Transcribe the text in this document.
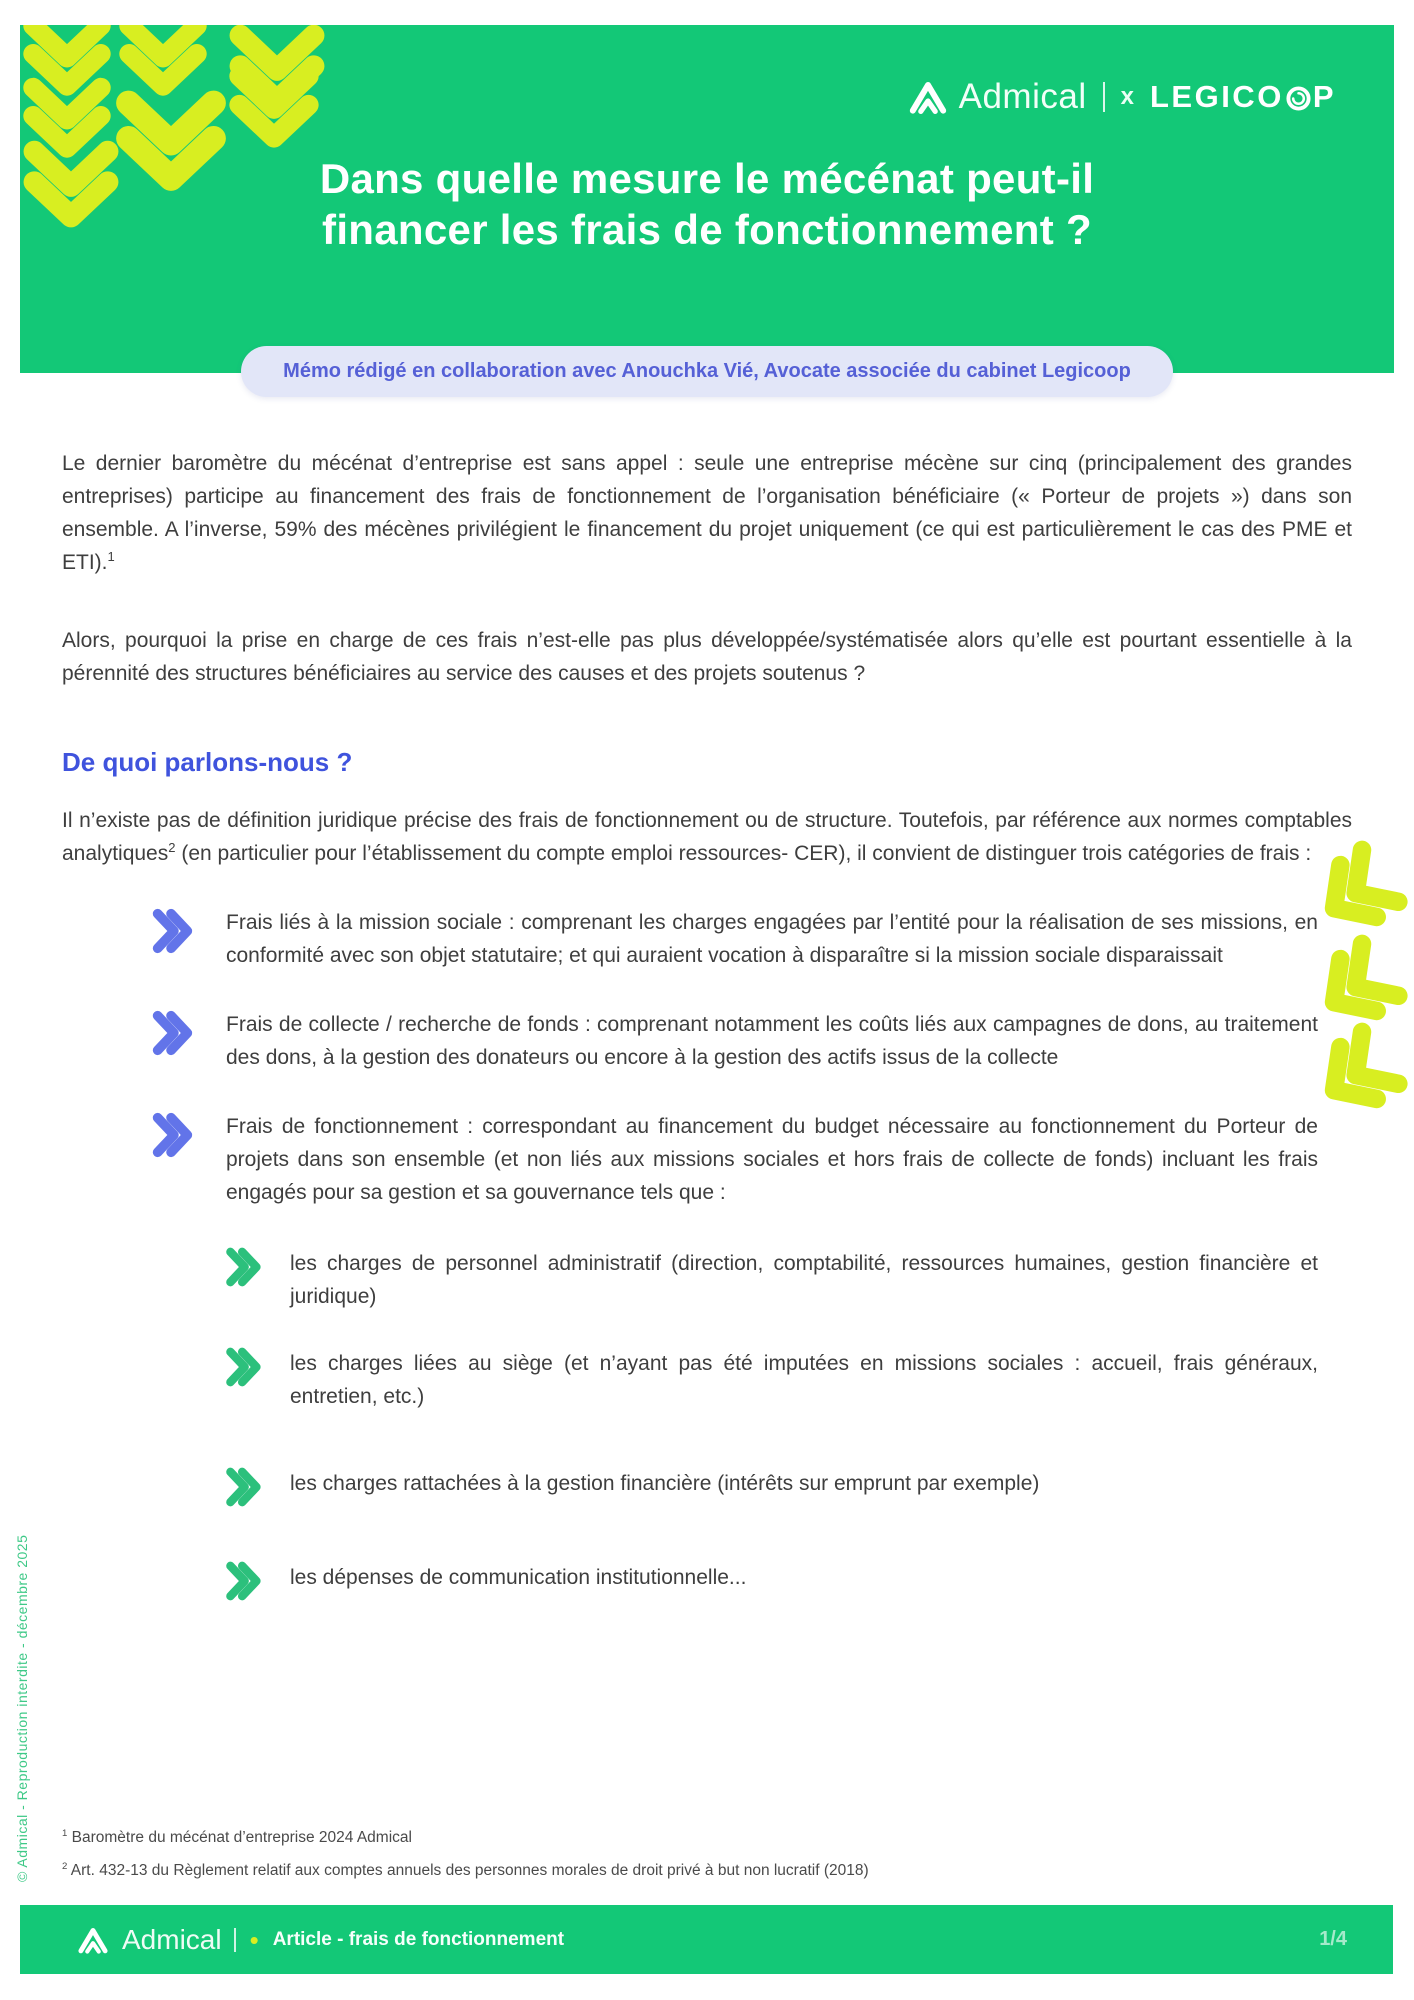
Admical x LEGICO P
Dans quelle mesure le mécénat peut-il
financer les frais de fonctionnement ?
Mémo rédigé en collaboration avec Anouchka Vié, Avocate associée du cabinet Legicoop

Le dernier baromètre du mécénat d’entreprise est sans appel : seule une entreprise mécène sur cinq (principalement des grandes entreprises) participe au financement des frais de fonctionnement de l’organisation bénéficiaire (« Porteur de projets ») dans son ensemble. A l’inverse, 59% des mécènes privilégient le financement du projet uniquement (ce qui est particulièrement le cas des PME et ETI).$^1$

Alors, pourquoi la prise en charge de ces frais n’est-elle pas plus développée/systématisée alors qu’elle est pourtant essentielle à la pérennité des structures bénéficiaires au service des causes et des projets soutenus ?

De quoi parlons-nous ?

Il n’existe pas de définition juridique précise des frais de fonctionnement ou de structure. Toutefois, par référence aux normes comptables analytiques$^2$ (en particulier pour l’établissement du compte emploi ressources- CER), il convient de distinguer trois catégories de frais :

Frais liés à la mission sociale : comprenant les charges engagées par l’entité pour la réalisation de ses missions, en conformité avec son objet statutaire; et qui auraient vocation à disparaître si la mission sociale disparaissait
Frais de collecte / recherche de fonds : comprenant notamment les coûts liés aux campagnes de dons, au traitement des dons, à la gestion des donateurs ou encore à la gestion des actifs issus de la collecte
Frais de fonctionnement : correspondant au financement du budget nécessaire au fonctionnement du Porteur de projets dans son ensemble (et non liés aux missions sociales et hors frais de collecte de fonds) incluant les frais engagés pour sa gestion et sa gouvernance tels que :
les charges de personnel administratif (direction, comptabilité, ressources humaines, gestion financière et juridique)
les charges liées au siège (et n’ayant pas été imputées en missions sociales : accueil, frais généraux, entretien, etc.)
les charges rattachées à la gestion financière (intérêts sur emprunt par exemple)
les dépenses de communication institutionnelle...
© Admical - Reproduction interdite - décembre 2025	$^1$ Baromètre du mécénat d’entreprise 2024 Admical
$^2$ Art. 432-13 du Règlement relatif aux comptes annuels des personnes morales de droit privé à but non lucratif (2018)
Admical • Article - frais de fonctionnement	1/4
